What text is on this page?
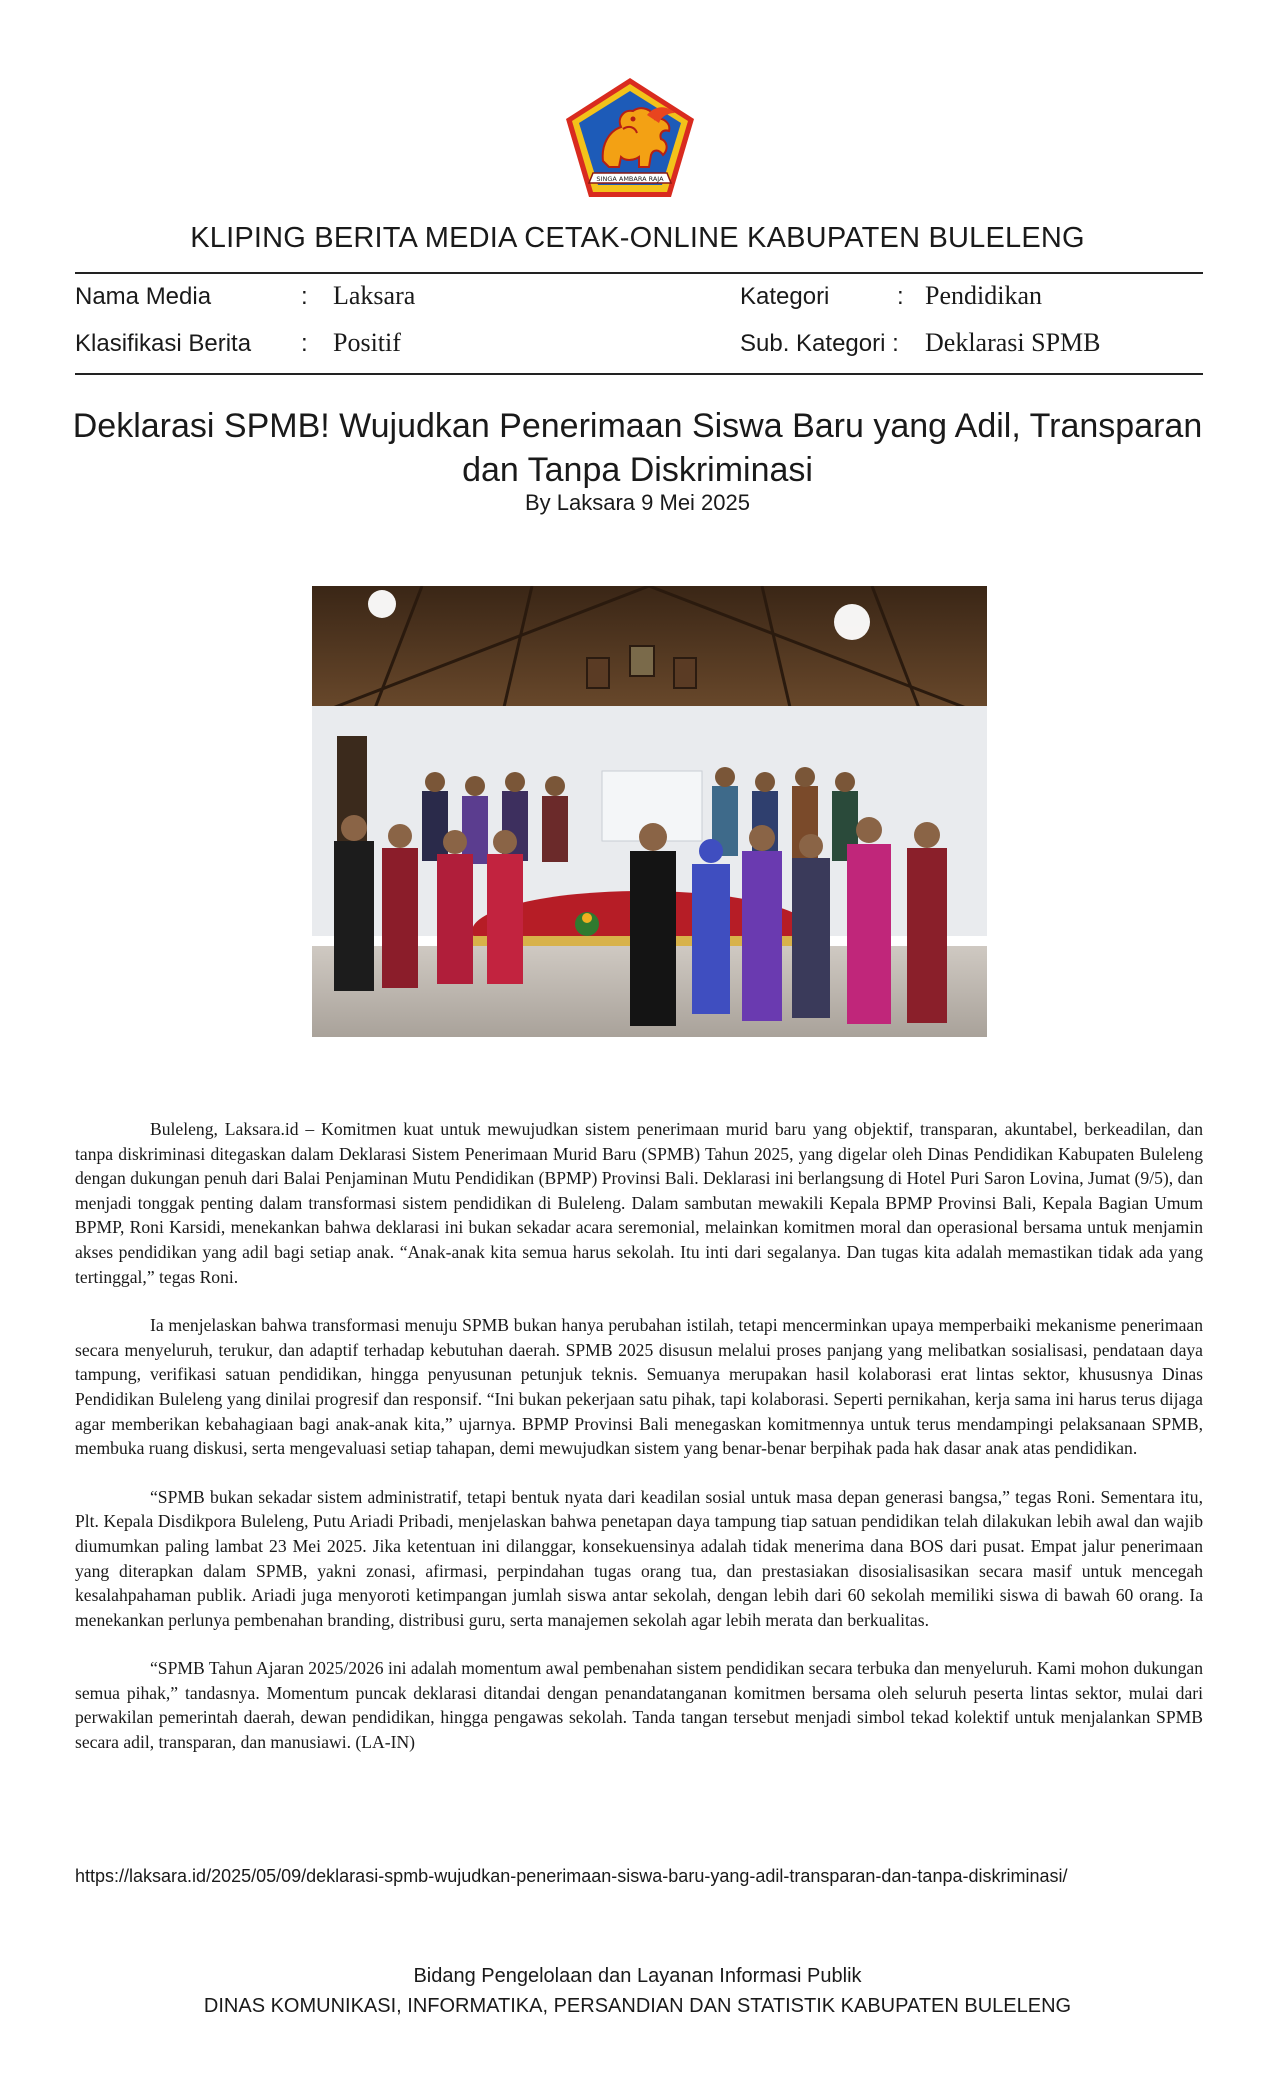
SINGA AMBARA RAJA
KLIPING BERITA MEDIA CETAK-ONLINE KABUPATEN BULELENG
Nama Media	: Laksara	Kategori	: Pendidikan
Klasifikasi Berita : Positif	Sub. Kategori : Deklarasi SPMB
Deklarasi SPMB! Wujudkan Penerimaan Siswa Baru yang Adil, Transparan
dan Tanpa Diskriminasi
By Laksara 9 Mei 2025

Buleleng, Laksara.id – Komitmen kuat untuk mewujudkan sistem penerimaan murid baru yang objektif, transparan, akuntabel, berkeadilan, dan tanpa diskriminasi ditegaskan dalam Deklarasi Sistem Penerimaan Murid Baru (SPMB) Tahun 2025, yang digelar oleh Dinas Pendidikan Kabupaten Buleleng dengan dukungan penuh dari Balai Penjaminan Mutu Pendidikan (BPMP) Provinsi Bali. Deklarasi ini berlangsung di Hotel Puri Saron Lovina, Jumat (9/5), dan menjadi tonggak penting dalam transformasi sistem pendidikan di Buleleng. Dalam sambutan mewakili Kepala BPMP Provinsi Bali, Kepala Bagian Umum BPMP, Roni Karsidi, menekankan bahwa deklarasi ini bukan sekadar acara seremonial, melainkan komitmen moral dan operasional bersama untuk menjamin akses pendidikan yang adil bagi setiap anak. “Anak-anak kita semua harus sekolah. Itu inti dari segalanya. Dan tugas kita adalah memastikan tidak ada yang tertinggal,” tegas Roni.

Ia menjelaskan bahwa transformasi menuju SPMB bukan hanya perubahan istilah, tetapi mencerminkan upaya memperbaiki mekanisme penerimaan secara menyeluruh, terukur, dan adaptif terhadap kebutuhan daerah. SPMB 2025 disusun melalui proses panjang yang melibatkan sosialisasi, pendataan daya tampung, verifikasi satuan pendidikan, hingga penyusunan petunjuk teknis. Semuanya merupakan hasil kolaborasi erat lintas sektor, khususnya Dinas Pendidikan Buleleng yang dinilai progresif dan responsif. “Ini bukan pekerjaan satu pihak, tapi kolaborasi. Seperti pernikahan, kerja sama ini harus terus dijaga agar memberikan kebahagiaan bagi anak-anak kita,” ujarnya. BPMP Provinsi Bali menegaskan komitmennya untuk terus mendampingi pelaksanaan SPMB, membuka ruang diskusi, serta mengevaluasi setiap tahapan, demi mewujudkan sistem yang benar-benar berpihak pada hak dasar anak atas pendidikan.

“SPMB bukan sekadar sistem administratif, tetapi bentuk nyata dari keadilan sosial untuk masa depan generasi bangsa,” tegas Roni. Sementara itu, Plt. Kepala Disdikpora Buleleng, Putu Ariadi Pribadi, menjelaskan bahwa penetapan daya tampung tiap satuan pendidikan telah dilakukan lebih awal dan wajib diumumkan paling lambat 23 Mei 2025. Jika ketentuan ini dilanggar, konsekuensinya adalah tidak menerima dana BOS dari pusat. Empat jalur penerimaan yang diterapkan dalam SPMB, yakni zonasi, afirmasi, perpindahan tugas orang tua, dan prestasiakan disosialisasikan secara masif untuk mencegah kesalahpahaman publik. Ariadi juga menyoroti ketimpangan jumlah siswa antar sekolah, dengan lebih dari 60 sekolah memiliki siswa di bawah 60 orang. Ia menekankan perlunya pembenahan branding, distribusi guru, serta manajemen sekolah agar lebih merata dan berkualitas.

“SPMB Tahun Ajaran 2025/2026 ini adalah momentum awal pembenahan sistem pendidikan secara terbuka dan menyeluruh. Kami mohon dukungan semua pihak,” tandasnya. Momentum puncak deklarasi ditandai dengan penandatanganan komitmen bersama oleh seluruh peserta lintas sektor, mulai dari perwakilan pemerintah daerah, dewan pendidikan, hingga pengawas sekolah. Tanda tangan tersebut menjadi simbol tekad kolektif untuk menjalankan SPMB secara adil, transparan, dan manusiawi. (LA-IN)

https://laksara.id/2025/05/09/deklarasi-spmb-wujudkan-penerimaan-siswa-baru-yang-adil-transparan-dan-tanpa-diskriminasi/
Bidang Pengelolaan dan Layanan Informasi Publik
DINAS KOMUNIKASI, INFORMATIKA, PERSANDIAN DAN STATISTIK KABUPATEN BULELENG
